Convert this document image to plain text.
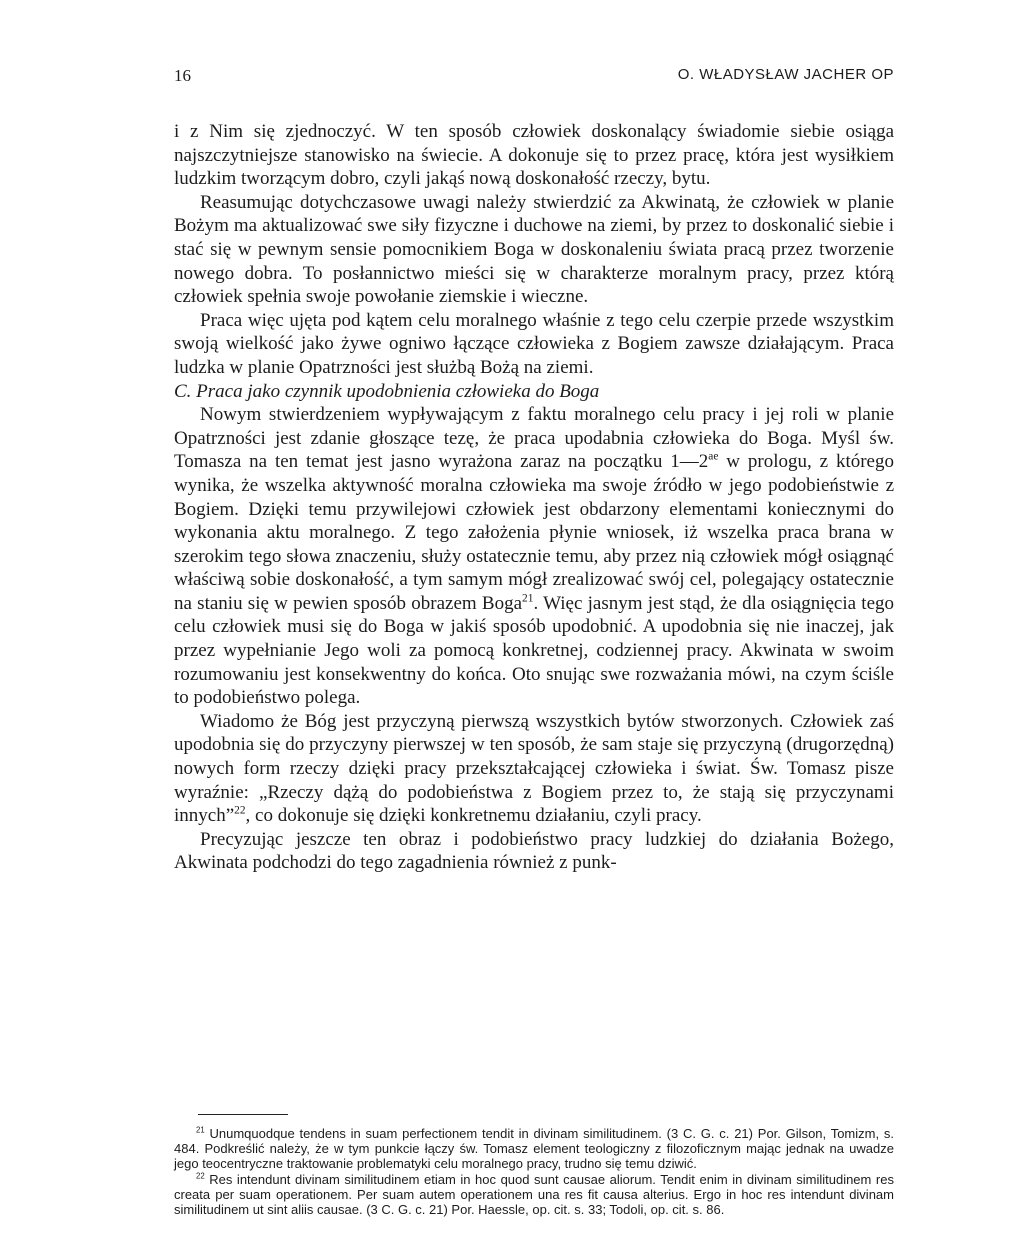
16	O. WŁADYSŁAW JACHER OP

i z Nim się zjednoczyć. W ten sposób człowiek doskonalący świadomie siebie osiąga najszczytniejsze stanowisko na świecie. A dokonuje się to przez pracę, która jest wysiłkiem ludzkim tworzącym dobro, czyli jakąś nową doskonałość rzeczy, bytu.

Reasumując dotychczasowe uwagi należy stwierdzić za Akwinatą, że człowiek w planie Bożym ma aktualizować swe siły fizyczne i duchowe na ziemi, by przez to doskonalić siebie i stać się w pewnym sensie pomocnikiem Boga w doskonaleniu świata pracą przez tworzenie nowego dobra. To posłannictwo mieści się w charakterze moralnym pracy, przez którą człowiek spełnia swoje powołanie ziemskie i wieczne.

Praca więc ujęta pod kątem celu moralnego właśnie z tego celu czerpie przede wszystkim swoją wielkość jako żywe ogniwo łączące człowieka z Bogiem zawsze działającym. Praca ludzka w planie Opatrzności jest służbą Bożą na ziemi.

C. Praca jako czynnik upodobnienia człowieka do Boga

Nowym stwierdzeniem wypływającym z faktu moralnego celu pracy i jej roli w planie Opatrzności jest zdanie głoszące tezę, że praca upodabnia człowieka do Boga. Myśl św. Tomasza na ten temat jest jasno wyrażona zaraz na początku $1—2^{ae}$ w prologu, z którego wynika, że wszelka aktywność moralna człowieka ma swoje źródło w jego podobieństwie z Bogiem. Dzięki temu przywilejowi człowiek jest obdarzony elementami koniecznymi do wykonania aktu moralnego. Z tego założenia płynie wniosek, iż wszelka praca brana w szerokim tego słowa znaczeniu, służy ostatecznie temu, aby przez nią człowiek mógł osiągnąć właściwą sobie doskonałość, a tym samym mógł zrealizować swój cel, polegający ostatecznie na staniu się w pewien sposób obrazem Boga$^{21}$. Więc jasnym jest stąd, że dla osiągnięcia tego celu człowiek musi się do Boga w jakiś sposób upodobnić. A upodobnia się nie inaczej, jak przez wypełnianie Jego woli za pomocą konkretnej, codziennej pracy. Akwinata w swoim rozumowaniu jest konsekwentny do końca. Oto snując swe rozważania mówi, na czym ściśle to podobieństwo polega.

Wiadomo że Bóg jest przyczyną pierwszą wszystkich bytów stworzonych. Człowiek zaś upodobnia się do przyczyny pierwszej w ten sposób, że sam staje się przyczyną (drugorzędną) nowych form rzeczy dzięki pracy przekształcającej człowieka i świat. Św. Tomasz pisze wyraźnie: „Rzeczy dążą do podobieństwa z Bogiem przez to, że stają się przyczynami innych”$^{22}$, co dokonuje się dzięki konkretnemu działaniu, czyli pracy.

Precyzując jeszcze ten obraz i podobieństwo pracy ludzkiej do działania Bożego, Akwinata podchodzi do tego zagadnienia również z punk-

$^{21}$ Unumquodque tendens in suam perfectionem tendit in divinam similitudinem. (3 C. G. c. 21) Por. Gilson, Tomizm, s. 484. Podkreślić należy, że w tym punkcie łączy św. Tomasz element teologiczny z filozoficznym mając jednak na uwadze jego teocentryczne traktowanie problematyki celu moralnego pracy, trudno się temu dziwić.

$^{22}$ Res intendunt divinam similitudinem etiam in hoc quod sunt causae aliorum. Tendit enim in divinam similitudinem res creata per suam operationem. Per suam autem operationem una res fit causa alterius. Ergo in hoc res intendunt divinam similitudinem ut sint aliis causae. (3 C. G. c. 21) Por. Haessle, op. cit. s. 33; Todoli, op. cit. s. 86.
